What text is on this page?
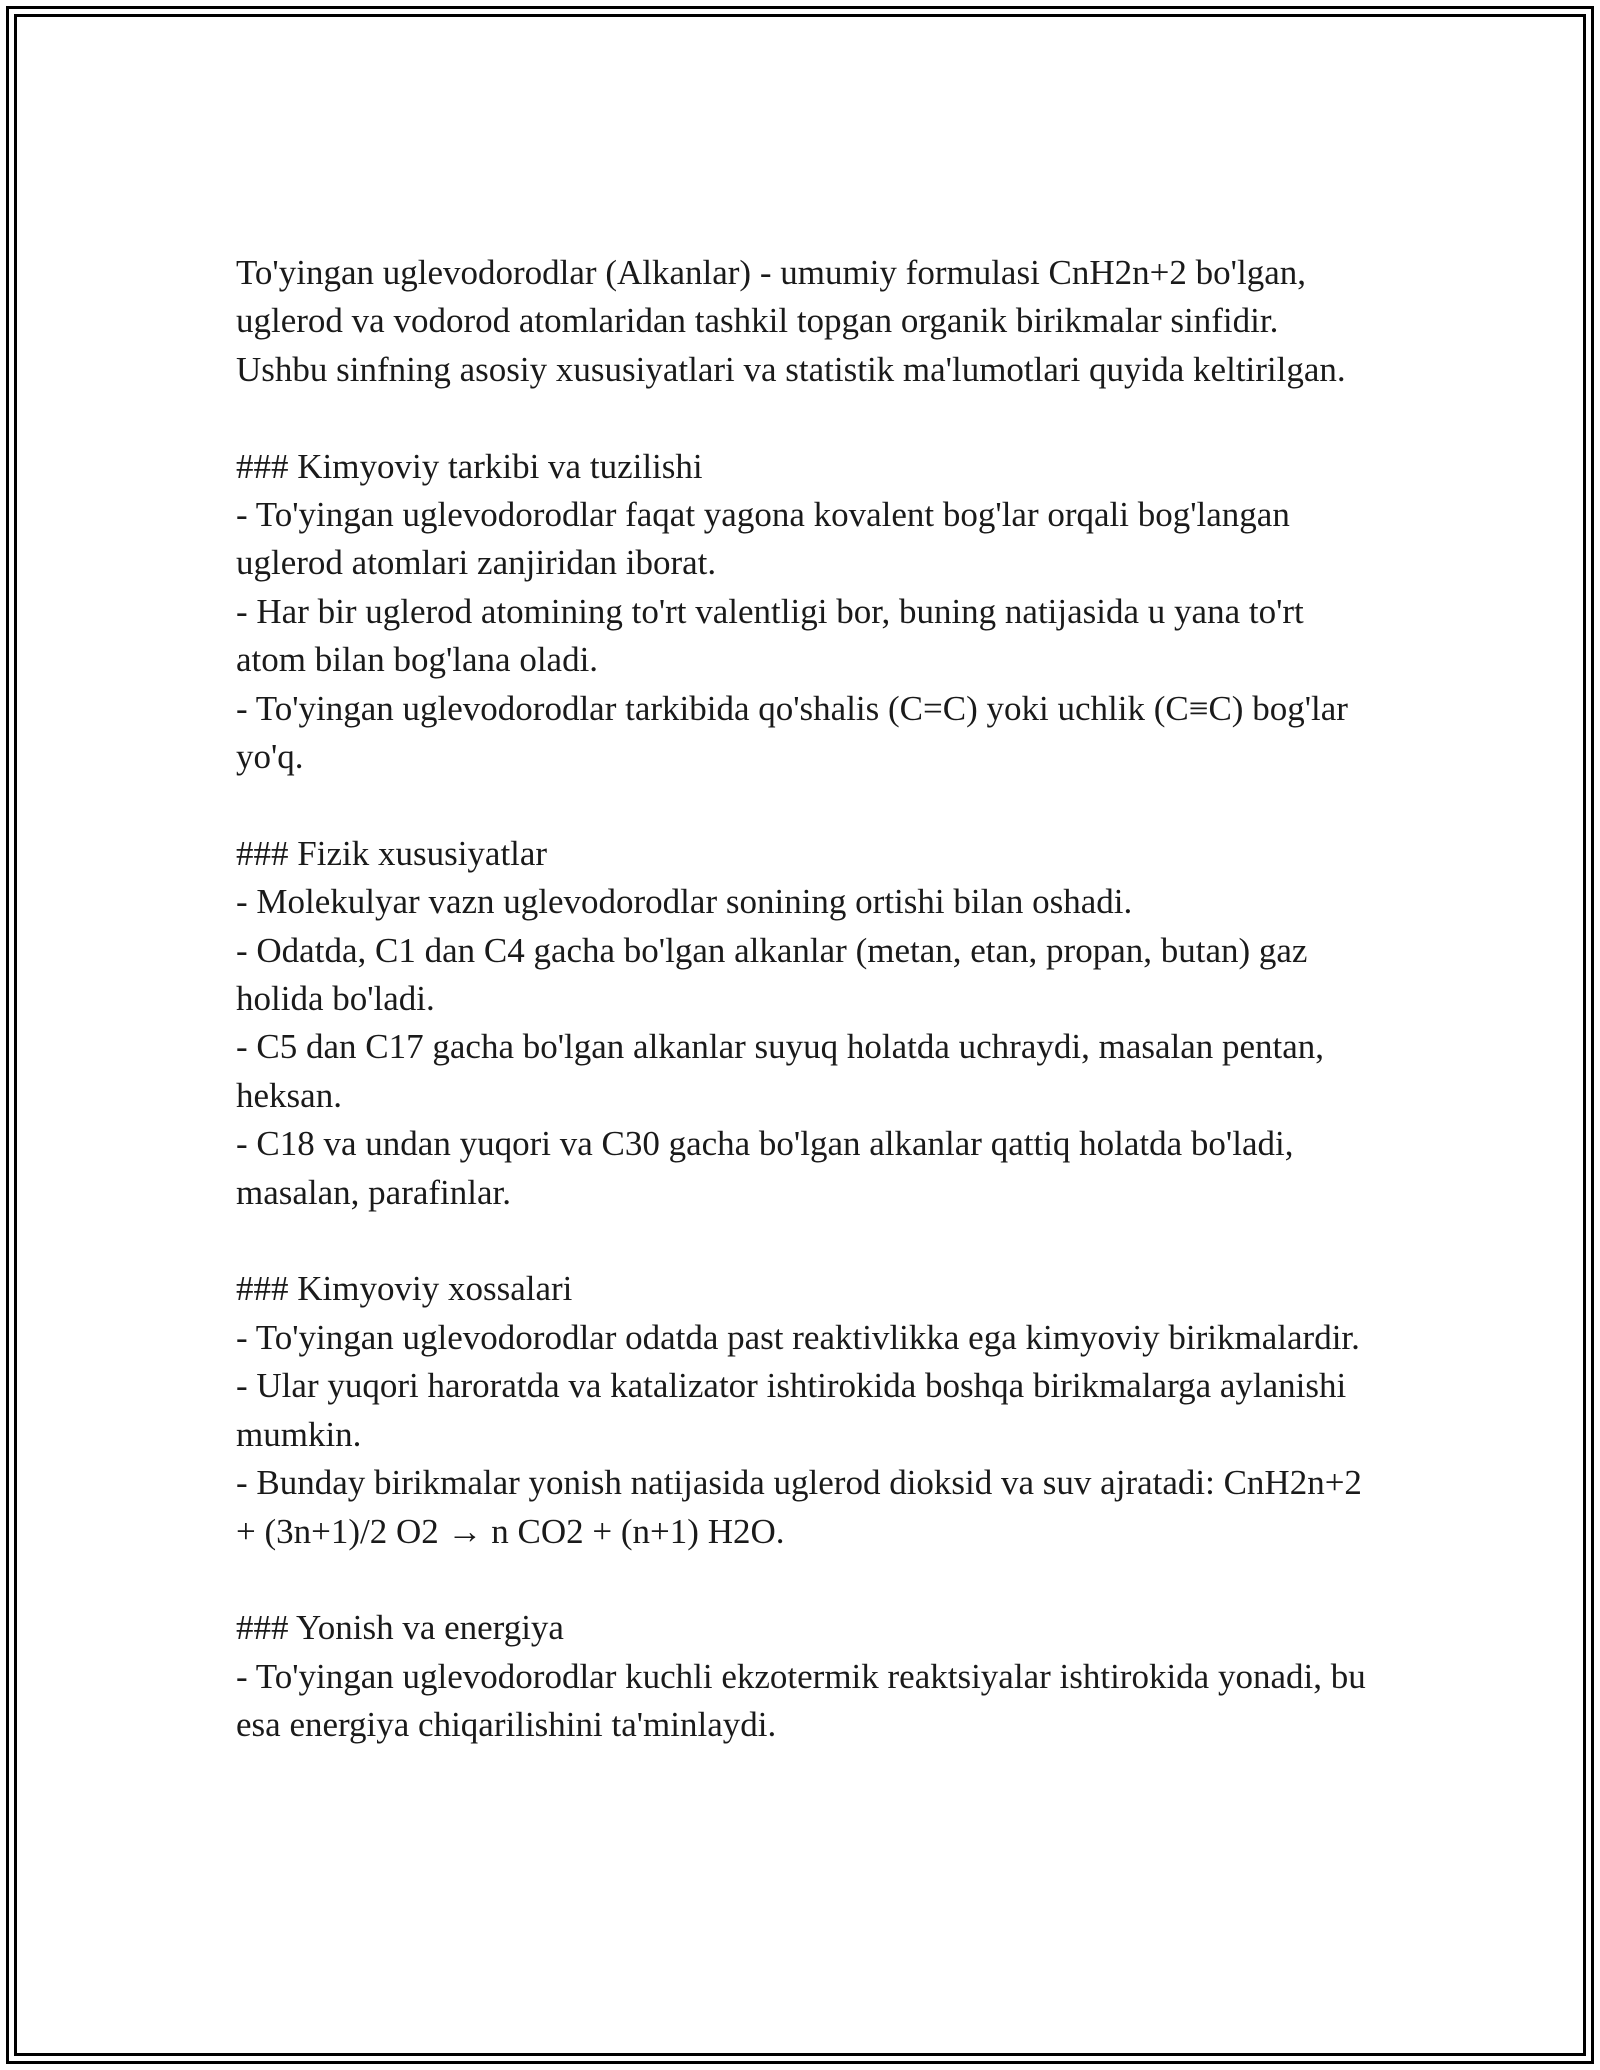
To'yingan uglevodorodlar (Alkanlar) - umumiy formulasi CnH2n+2 bo'lgan, uglerod va vodorod atomlaridan tashkil topgan organik birikmalar sinfidir. Ushbu sinfning asosiy xususiyatlari va statistik ma'lumotlari quyida keltirilgan.

### Kimyoviy tarkibi va tuzilishi

- To'yingan uglevodorodlar faqat yagona kovalent bog'lar orqali bog'langan uglerod atomlari zanjiridan iborat.

- Har bir uglerod atomining to'rt valentligi bor, buning natijasida u yana to'rt atom bilan bog'lana oladi.

- To'yingan uglevodorodlar tarkibida qo'shalis (C=C) yoki uchlik (C≡C) bog'lar yo'q.

### Fizik xususiyatlar

- Molekulyar vazn uglevodorodlar sonining ortishi bilan oshadi.

- Odatda, C1 dan C4 gacha bo'lgan alkanlar (metan, etan, propan, butan) gaz holida bo'ladi.

- C5 dan C17 gacha bo'lgan alkanlar suyuq holatda uchraydi, masalan pentan, heksan.

- C18 va undan yuqori va C30 gacha bo'lgan alkanlar qattiq holatda bo'ladi, masalan, parafinlar.

### Kimyoviy xossalari

- To'yingan uglevodorodlar odatda past reaktivlikka ega kimyoviy birikmalardir.

- Ular yuqori haroratda va katalizator ishtirokida boshqa birikmalarga aylanishi mumkin.

- Bunday birikmalar yonish natijasida uglerod dioksid va suv ajratadi: CnH2n+2 + (3n+1)/2 O2 → n CO2 + (n+1) H2O.

### Yonish va energiya

- To'yingan uglevodorodlar kuchli ekzotermik reaktsiyalar ishtirokida yonadi, bu esa energiya chiqarilishini ta'minlaydi.
